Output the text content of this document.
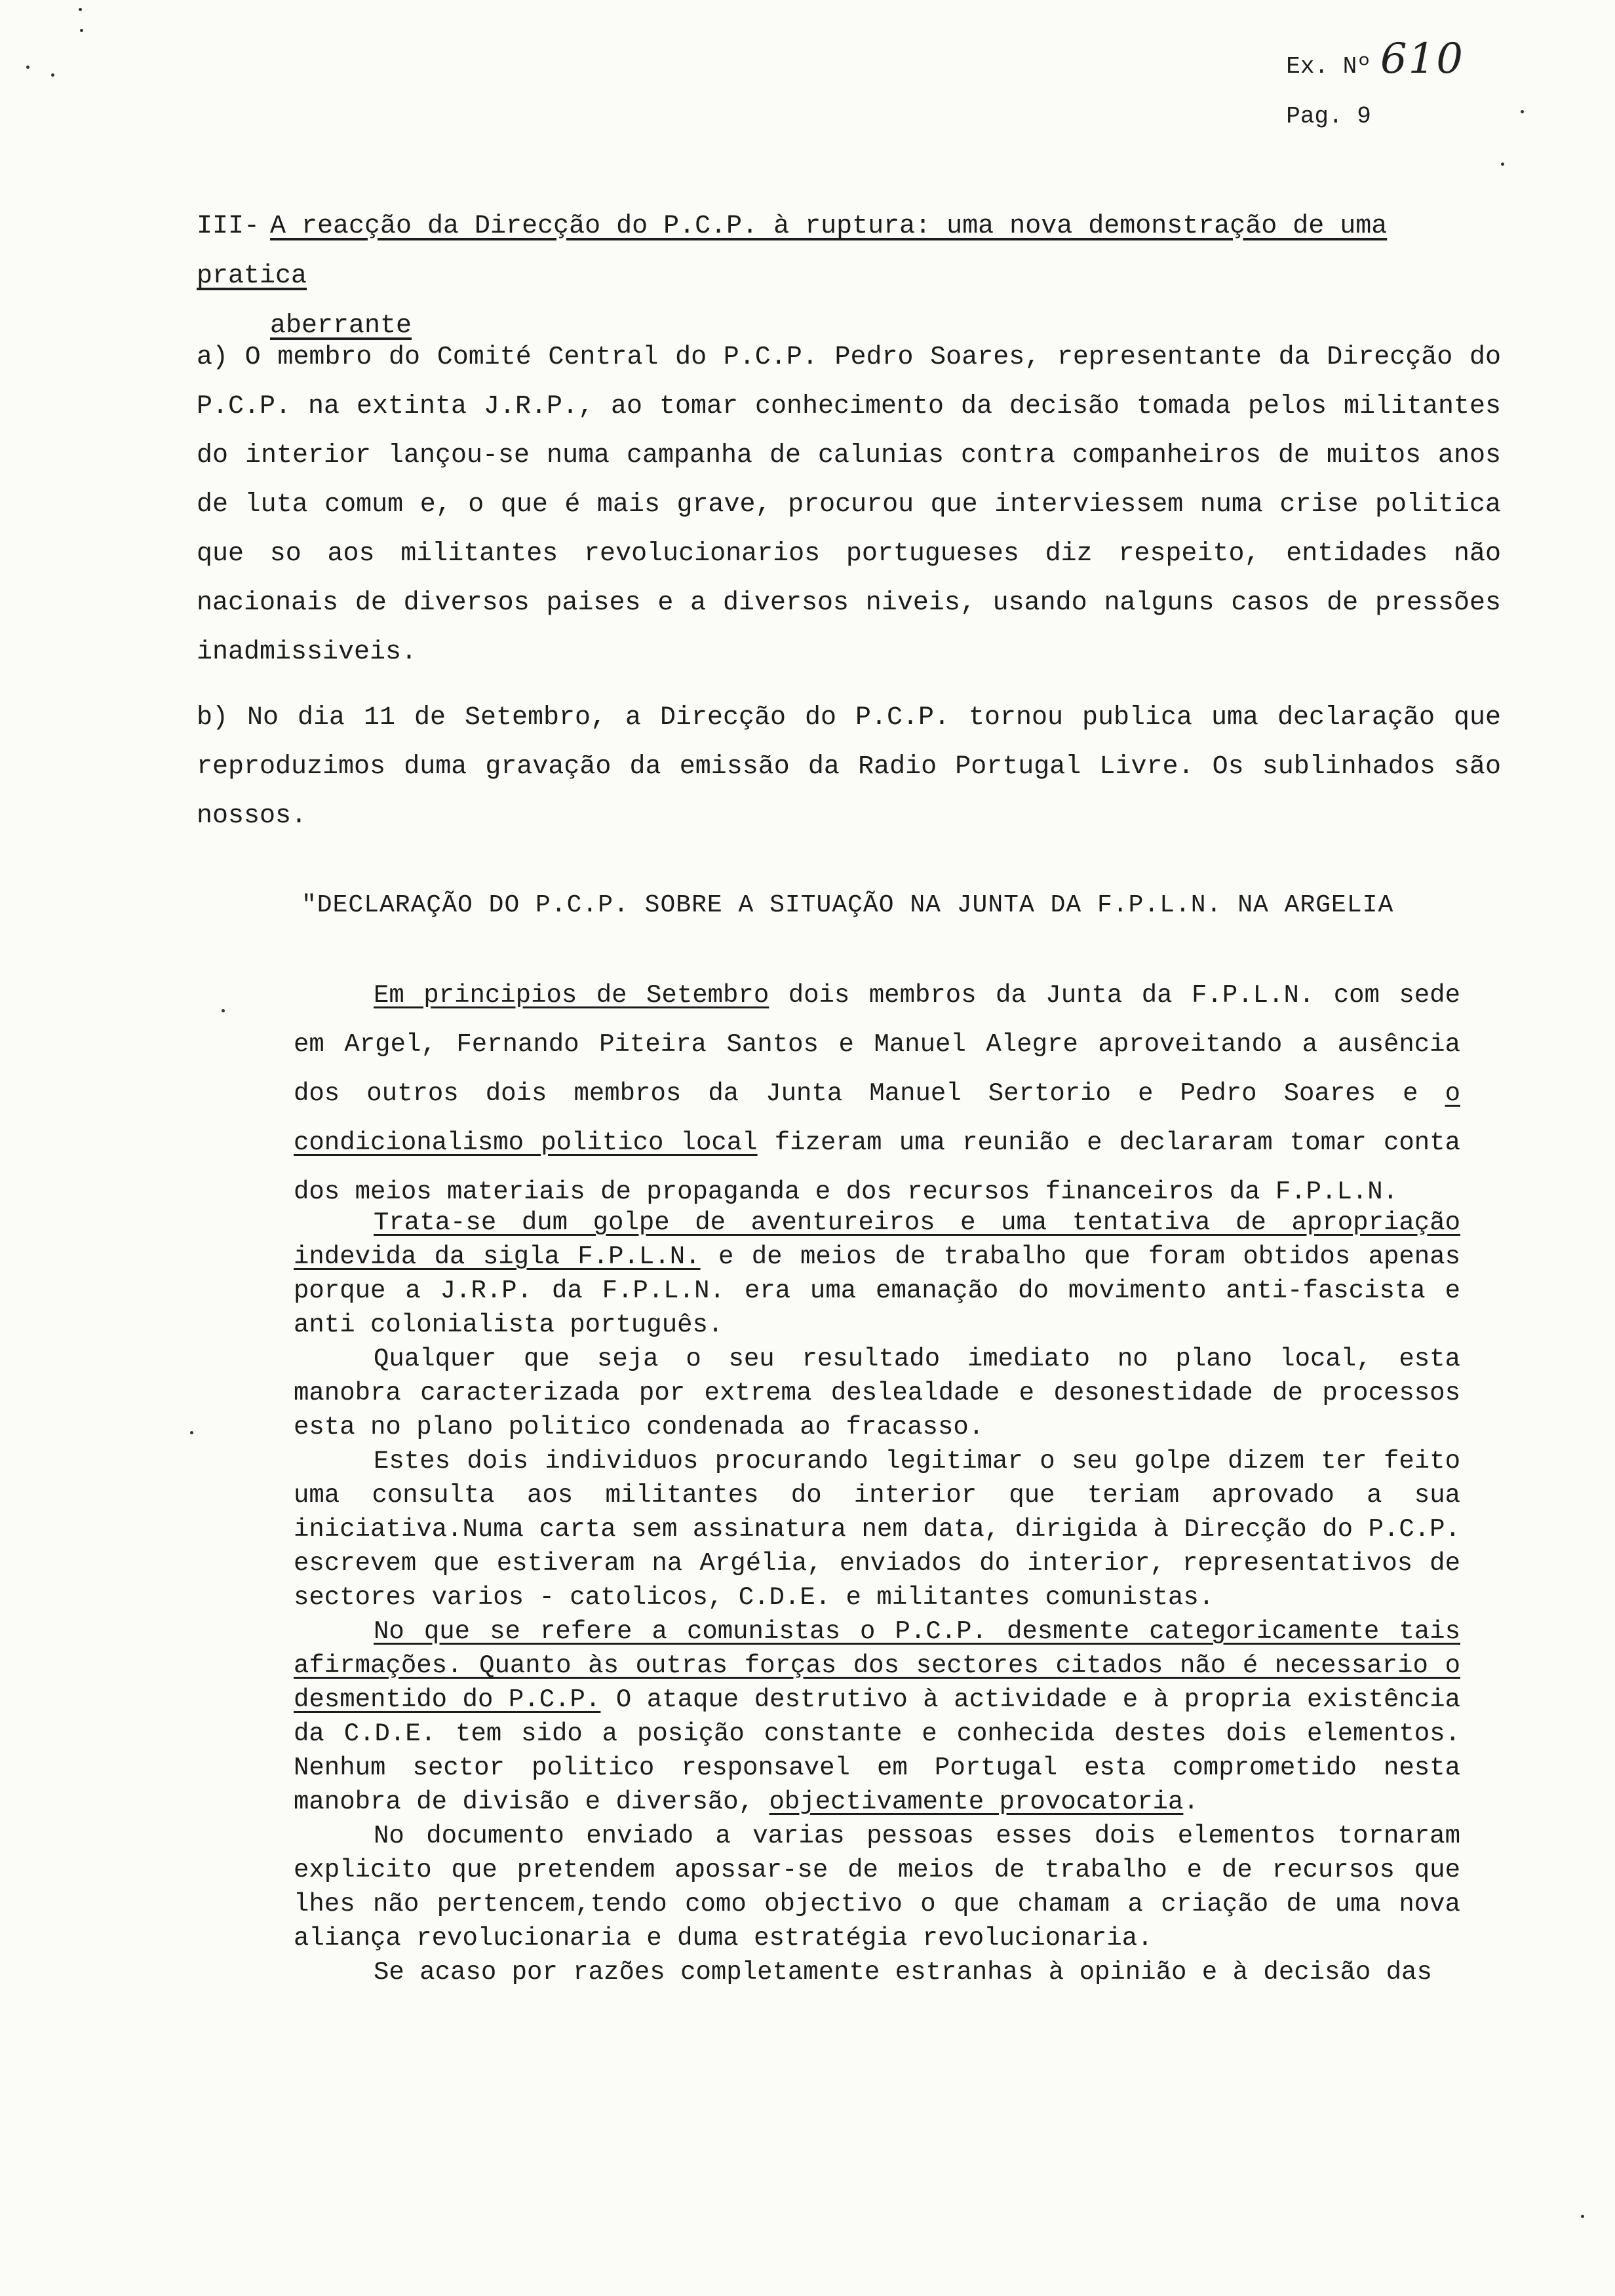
Ex. Nº 610
Pag. 9
III- A reacção da Direcção do P.C.P. à ruptura: uma nova demonstração de uma pratica
aberrante

a) O membro do Comité Central do P.C.P. Pedro Soares, representante da Direcção do P.C.P. na extinta J.R.P., ao tomar conhecimento da decisão tomada pelos militantes do interior lançou-se numa campanha de calunias contra companheiros de muitos anos de luta comum e, o que é mais grave, procurou que interviessem numa crise politica que so aos militantes revolucionarios portugueses diz respeito, entidades não nacionais de diversos paises e a diversos niveis, usando nalguns casos de pressões inadmissiveis.

b) No dia 11 de Setembro, a Direcção do P.C.P. tornou publica uma declaração que reproduzimos duma gravação da emissão da Radio Portugal Livre. Os sublinhados são nossos.

"DECLARAÇÃO DO P.C.P. SOBRE A SITUAÇÃO NA JUNTA DA F.P.L.N. NA ARGELIA

Em principios de Setembro dois membros da Junta da F.P.L.N. com sede em Argel, Fernando Piteira Santos e Manuel Alegre aproveitando a ausência dos outros dois membros da Junta Manuel Sertorio e Pedro Soares e o condicionalismo politico local fizeram uma reunião e declararam tomar conta dos meios materiais de propaganda e dos recursos financeiros da F.P.L.N.

Trata-se dum golpe de aventureiros e uma tentativa de apropriação indevida da sigla F.P.L.N. e de meios de trabalho que foram obtidos apenas porque a J.R.P. da F.P.L.N. era uma emanação do movimento anti-fascista e anti colonialista português.

Qualquer que seja o seu resultado imediato no plano local, esta manobra caracterizada por extrema deslealdade e desonestidade de processos esta no plano politico condenada ao fracasso.

Estes dois individuos procurando legitimar o seu golpe dizem ter feito uma consulta aos militantes do interior que teriam aprovado a sua iniciativa.Numa carta sem assinatura nem data, dirigida à Direcção do P.C.P. escrevem que estiveram na Argélia, enviados do interior, representativos de sectores varios - catolicos, C.D.E. e militantes comunistas.

No que se refere a comunistas o P.C.P. desmente categoricamente tais afirmações. Quanto às outras forças dos sectores citados não é necessario o desmentido do P.C.P. O ataque destrutivo à actividade e à propria existência da C.D.E. tem sido a posição constante e conhecida destes dois elementos. Nenhum sector politico responsavel em Portugal esta comprometido nesta manobra de divisão e diversão, objectivamente provocatoria.

No documento enviado a varias pessoas esses dois elementos tornaram explicito que pretendem apossar-se de meios de trabalho e de recursos que lhes não pertencem,tendo como objectivo o que chamam a criação de uma nova aliança revolucionaria e duma estratégia revolucionaria.

Se acaso por razões completamente estranhas à opinião e à decisão das
